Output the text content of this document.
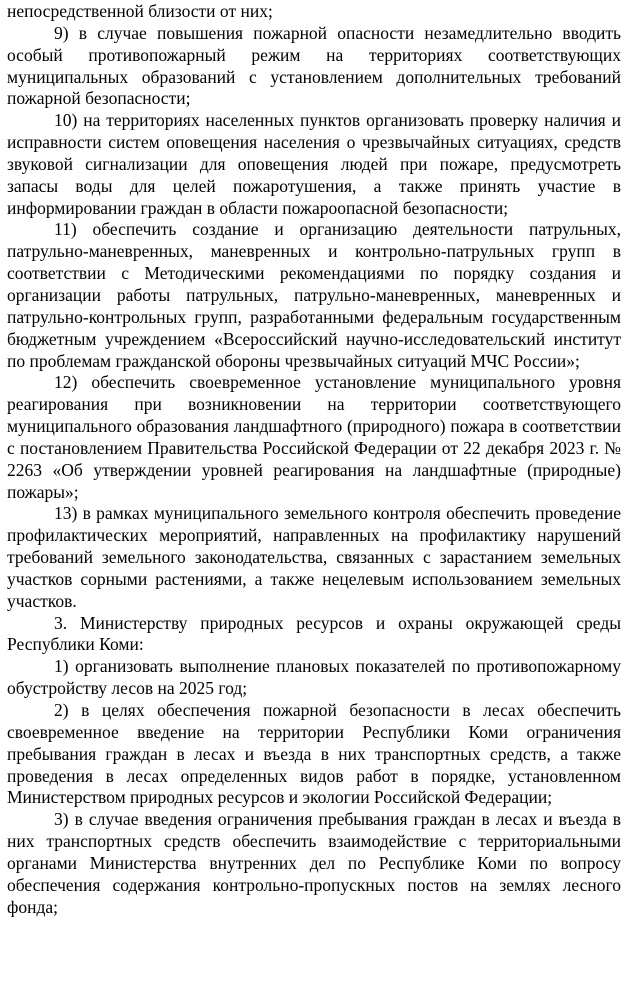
непосредственной близости от них;

9) в случае повышения пожарной опасности незамедлительно вводить особый противопожарный режим на территориях соответствующих муниципальных образований с установлением дополнительных требований пожарной безопасности;

10) на территориях населенных пунктов организовать проверку наличия и исправности систем оповещения населения о чрезвычайных ситуациях, средств звуковой сигнализации для оповещения людей при пожаре, предусмотреть запасы воды для целей пожаротушения, а также принять участие в информировании граждан в области пожароопасной безопасности;

11) обеспечить создание и организацию деятельности патрульных, патрульно-маневренных, маневренных и контрольно-патрульных групп в соответствии с Методическими рекомендациями по порядку создания и организации работы патрульных, патрульно-маневренных, маневренных и патрульно-контрольных групп, разработанными федеральным государственным бюджетным учреждением «Всероссийский научно-исследовательский институт по проблемам гражданской обороны чрезвычайных ситуаций МЧС России»;

12) обеспечить своевременное установление муниципального уровня реагирования при возникновении на территории соответствующего муниципального образования ландшафтного (природного) пожара в соответствии с постановлением Правительства Российской Федерации от 22 декабря 2023 г. № 2263 «Об утверждении уровней реагирования на ландшафтные (природные) пожары»;

13) в рамках муниципального земельного контроля обеспечить проведение профилактических мероприятий, направленных на профилактику нарушений требований земельного законодательства, связанных с зарастанием земельных участков сорными растениями, а также нецелевым использованием земельных участков.

3. Министерству природных ресурсов и охраны окружающей среды Республики Коми:

1) организовать выполнение плановых показателей по противопожарному обустройству лесов на 2025 год;

2) в целях обеспечения пожарной безопасности в лесах обеспечить своевременное введение на территории Республики Коми ограничения пребывания граждан в лесах и въезда в них транспортных средств, а также проведения в лесах определенных видов работ в порядке, установленном Министерством природных ресурсов и экологии Российской Федерации;

3) в случае введения ограничения пребывания граждан в лесах и въезда в них транспортных средств обеспечить взаимодействие с территориальными органами Министерства внутренних дел по Республике Коми по вопросу обеспечения содержания контрольно-пропускных постов на землях лесного фонда;
